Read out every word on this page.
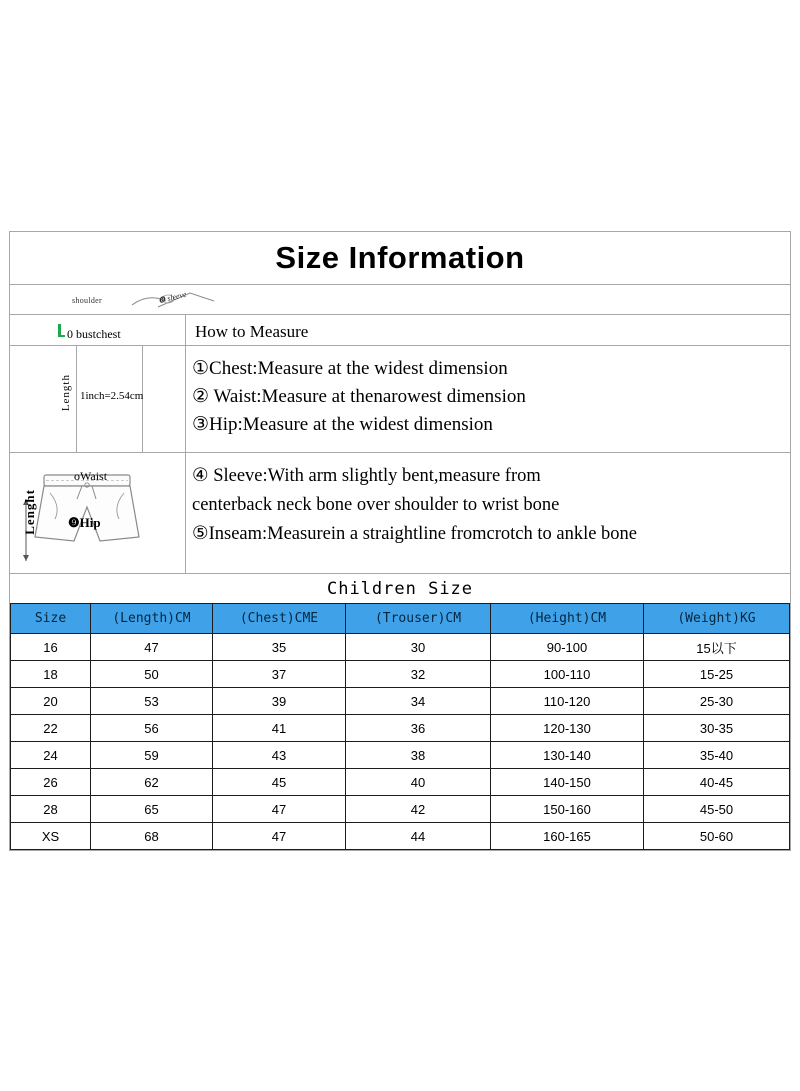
Size Information
shoulder	❽ sleeve
0 bustchest	How to Measure
Length 1inch=2.54cm
①Chest:Measure at the widest dimension
② Waist:Measure at thenarowest dimension
③Hip:Measure at the widest dimension
oWaist
Lenght ❾Hip
④ Sleeve:With arm slightly bent,measure from
centerback neck bone over shoulder to wrist bone
⑤Inseam:Measurein a straightline fromcrotch to ankle bone
Children Size
Size	(Length)CM	(Chest)CME	(Trouser)CM	(Height)CM	(Weight)KG
16	47	35	30	90-100	15以下
18	50	37	32	100-110	15-25
20	53	39	34	110-120	25-30
22	56	41	36	120-130	30-35
24	59	43	38	130-140	35-40
26	62	45	40	140-150	40-45
28	65	47	42	150-160	45-50
XS	68	47	44	160-165	50-60
